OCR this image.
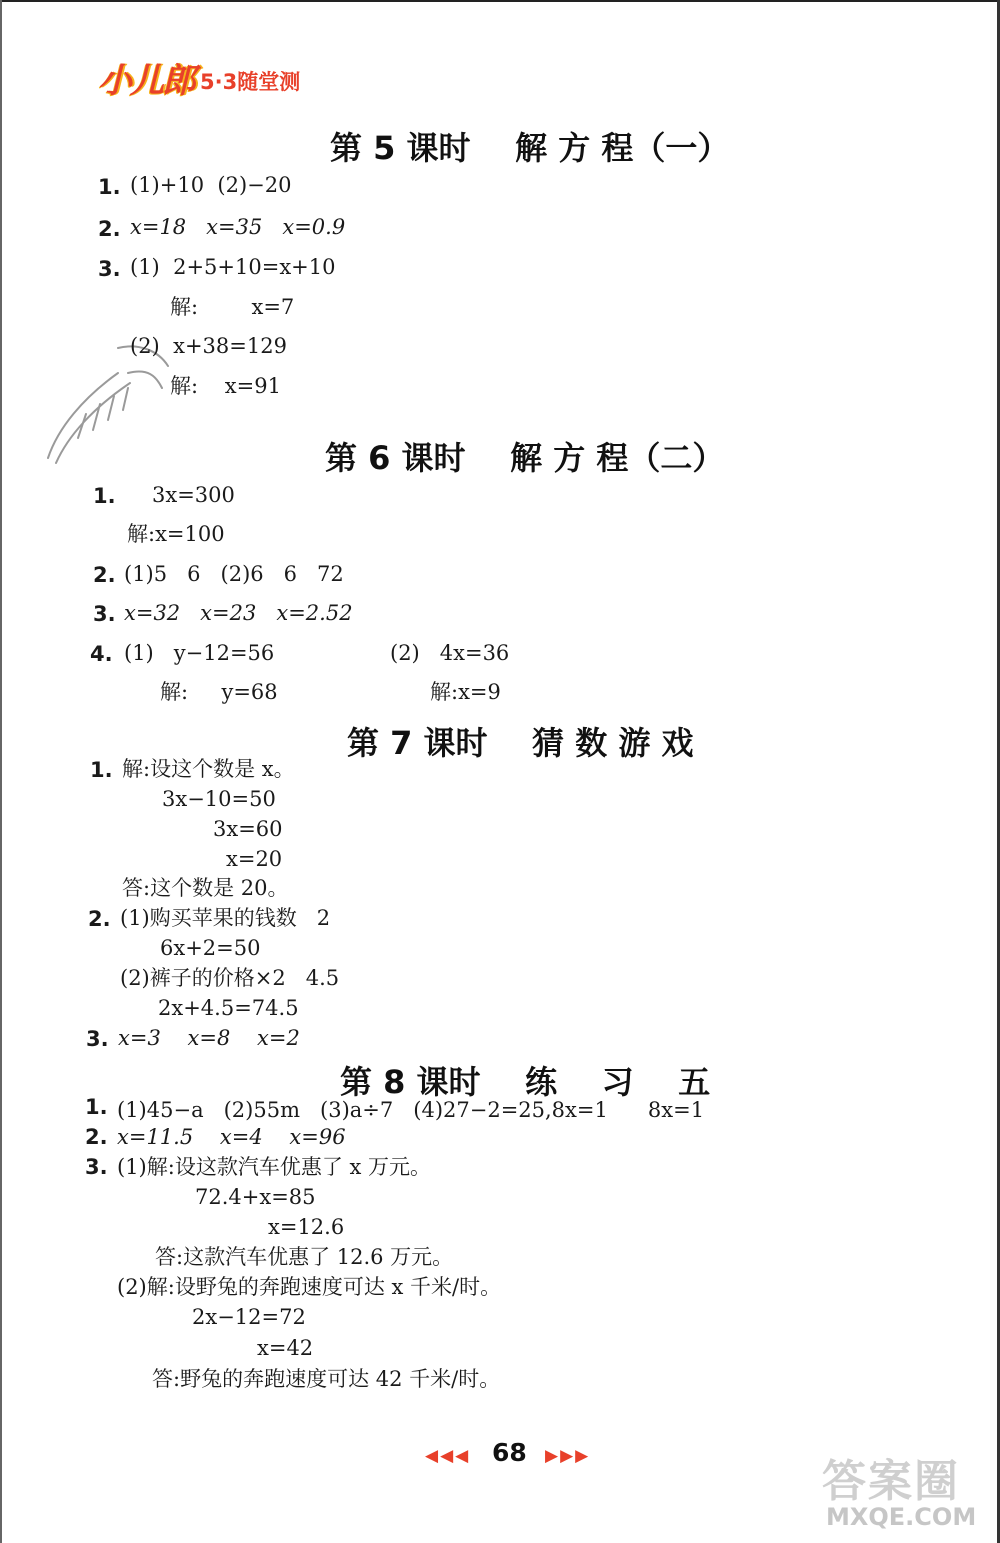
小儿郎 5·3随堂测
第 5 课时    解 方 程（一）
1. (1)+10  (2)−20
2. x=18   x=35   x=0.9
3. (1)  2+5+10=x+10
解:        x=7
(2)  x+38=129
解:    x=91
第 6 课时    解 方 程（二）
1. 3x=300
解:x=100
2. (1)5   6   (2)6   6   72
3. x=32   x=23   x=2.52
4. (1)   y−12=56	(2)   4x=36
解:     y=68	解:x=9
第 7 课时    猜 数 游 戏
1. 解:设这个数是 x。
3x−10=50
3x=60
x=20
答:这个数是 20。
2. (1)购买苹果的钱数   2
6x+2=50
(2)裤子的价格×2   4.5
2x+4.5=74.5
3. x=3    x=8    x=2
第 8 课时    练    习    五
1. (1)45−a   (2)55m   (3)a÷7   (4)27−2=25,8x=1      8x=1
2. x=11.5    x=4    x=96
3. (1)解:设这款汽车优惠了 x 万元。
72.4+x=85
x=12.6
答:这款汽车优惠了 12.6 万元。
(2)解:设野兔的奔跑速度可达 x 千米/时。
2x−12=72
x=42
答:野兔的奔跑速度可达 42 千米/时。
◀◀◀ 68 ▶▶▶	答案圈
MXQE.COM
